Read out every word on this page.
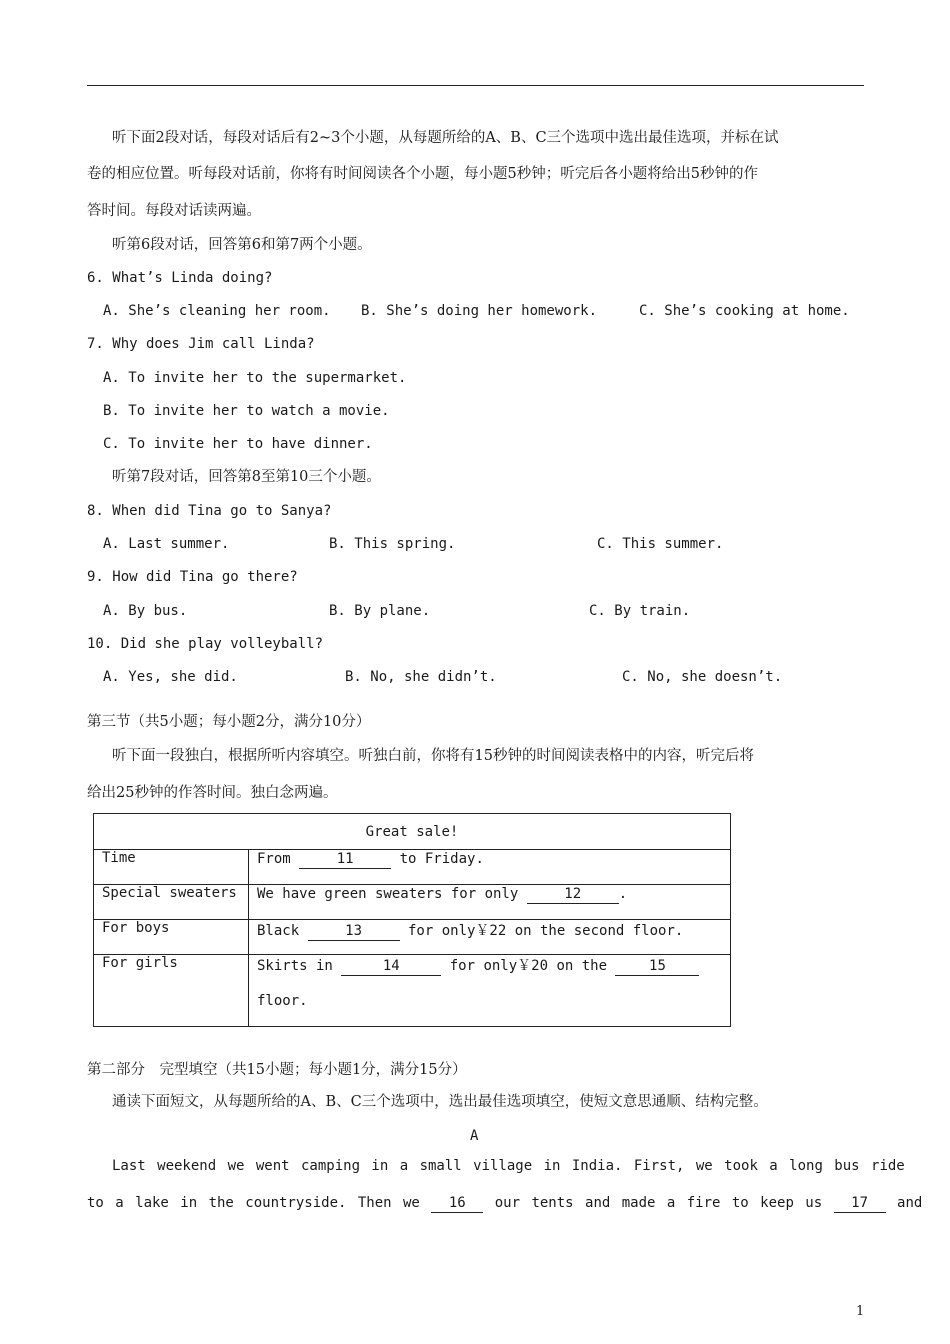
听下面2段对话，每段对话后有2~3个小题，从每题所给的A、B、C三个选项中选出最佳选项，并标在试
卷的相应位置。听每段对话前，你将有时间阅读各个小题，每小题5秒钟；听完后各小题将给出5秒钟的作
答时间。每段对话读两遍。
听第6段对话，回答第6和第7两个小题。
6. What’s Linda doing?
A. She’s cleaning her room. B. She’s doing her homework.	C. She’s cooking at home.
7. Why does Jim call Linda?
A. To invite her to the supermarket.
B. To invite her to watch a movie.
C. To invite her to have dinner.
听第7段对话，回答第8至第10三个小题。
8. When did Tina go to Sanya?
A. Last summer.	B. This spring.	C. This summer.
9. How did Tina go there?
A. By bus.	B. By plane.	C. By train.
10. Did she play volleyball?
A. Yes, she did.	B. No, she didn’t.	C. No, she doesn’t.
第三节（共5小题；每小题2分，满分10分）
听下面一段独白，根据所听内容填空。听独白前，你将有15秒钟的时间阅读表格中的内容，听完后将
给出25秒钟的作答时间。独白念两遍。
Great sale!	
Time	From 11 to Friday.
Special sweaters	We have green sweaters for only 12 .
For boys	Black 13 for only￥22 on the second floor.
For girls	Skirts in 14 for only￥20 on the 15
floor.
第二部分　完型填空（共15小题；每小题1分，满分15分）
通读下面短文，从每题所给的A、B、C三个选项中，选出最佳选项填空，使短文意思通顺、结构完整。
A
Last weekend we went camping in a small village in India. First, we took a long bus ride
to a lake in the countryside. Then we 16 our tents and made a fire to keep us 17 and
1
